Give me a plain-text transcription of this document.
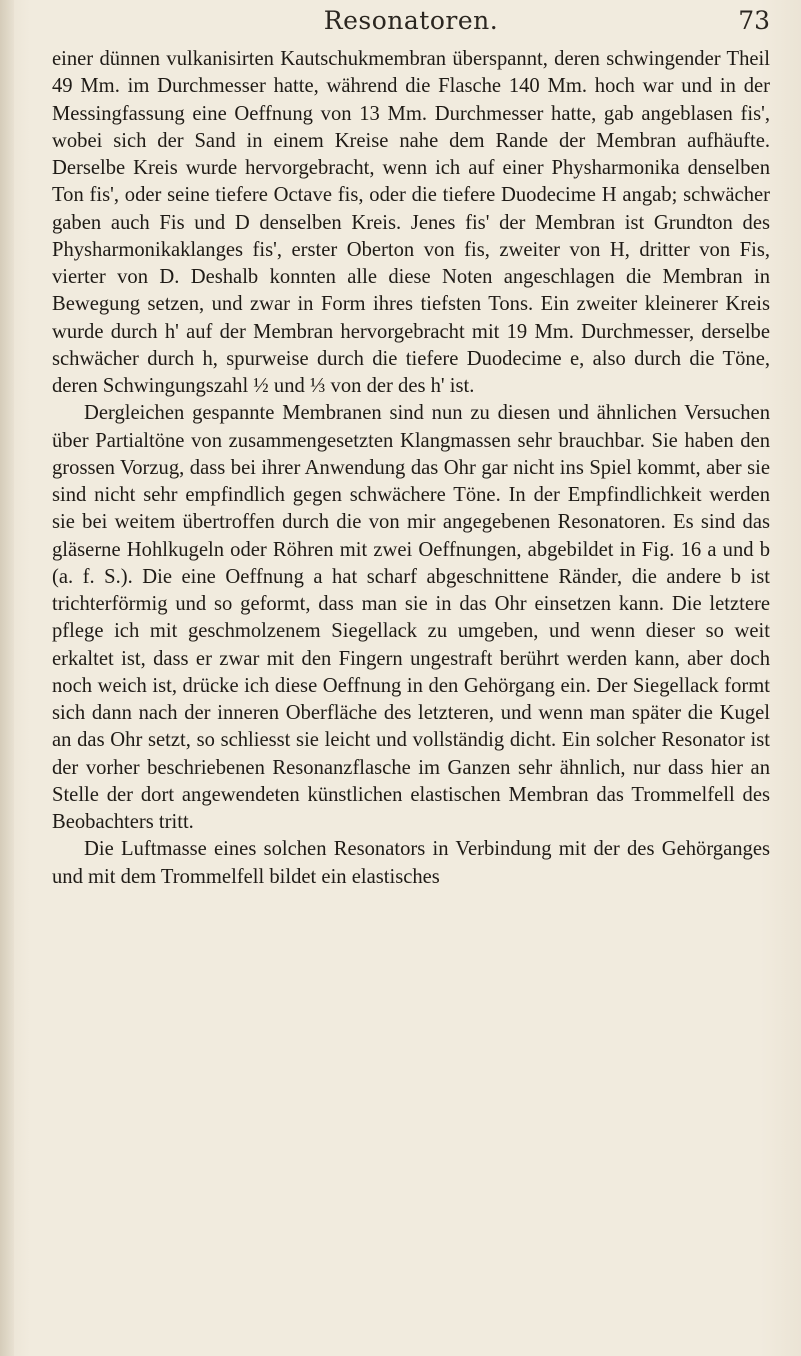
Resonatoren.	73

einer dünnen vulkanisirten Kautschukmembran überspannt, deren schwingender Theil 49 Mm. im Durchmesser hatte, während die Flasche 140 Mm. hoch war und in der Messingfassung eine Oeffnung von 13 Mm. Durchmesser hatte, gab angeblasen fis', wobei sich der Sand in einem Kreise nahe dem Rande der Membran aufhäufte. Derselbe Kreis wurde hervorgebracht, wenn ich auf einer Physharmonika denselben Ton fis', oder seine tiefere Octave fis, oder die tiefere Duodecime H angab; schwächer gaben auch Fis und D denselben Kreis. Jenes fis' der Membran ist Grundton des Physharmonikaklanges fis', erster Oberton von fis, zweiter von H, dritter von Fis, vierter von D. Deshalb konnten alle diese Noten angeschlagen die Membran in Bewegung setzen, und zwar in Form ihres tiefsten Tons. Ein zweiter kleinerer Kreis wurde durch h' auf der Membran hervorgebracht mit 19 Mm. Durchmesser, derselbe schwächer durch h, spurweise durch die tiefere Duodecime e, also durch die Töne, deren Schwingungszahl ½ und ⅓ von der des h' ist.

Dergleichen gespannte Membranen sind nun zu diesen und ähnlichen Versuchen über Partialtöne von zusammengesetzten Klangmassen sehr brauchbar. Sie haben den grossen Vorzug, dass bei ihrer Anwendung das Ohr gar nicht ins Spiel kommt, aber sie sind nicht sehr empfindlich gegen schwächere Töne. In der Empfindlichkeit werden sie bei weitem übertroffen durch die von mir angegebenen Resonatoren. Es sind das gläserne Hohlkugeln oder Röhren mit zwei Oeffnungen, abgebildet in Fig. 16 a und b (a. f. S.). Die eine Oeffnung a hat scharf abgeschnittene Ränder, die andere b ist trichterförmig und so geformt, dass man sie in das Ohr einsetzen kann. Die letztere pflege ich mit geschmolzenem Siegellack zu umgeben, und wenn dieser so weit erkaltet ist, dass er zwar mit den Fingern ungestraft berührt werden kann, aber doch noch weich ist, drücke ich diese Oeffnung in den Gehörgang ein. Der Siegellack formt sich dann nach der inneren Oberfläche des letzteren, und wenn man später die Kugel an das Ohr setzt, so schliesst sie leicht und vollständig dicht. Ein solcher Resonator ist der vorher beschriebenen Resonanzflasche im Ganzen sehr ähnlich, nur dass hier an Stelle der dort angewendeten künstlichen elastischen Membran das Trommelfell des Beobachters tritt.

Die Luftmasse eines solchen Resonators in Verbindung mit der des Gehörganges und mit dem Trommelfell bildet ein elastisches
